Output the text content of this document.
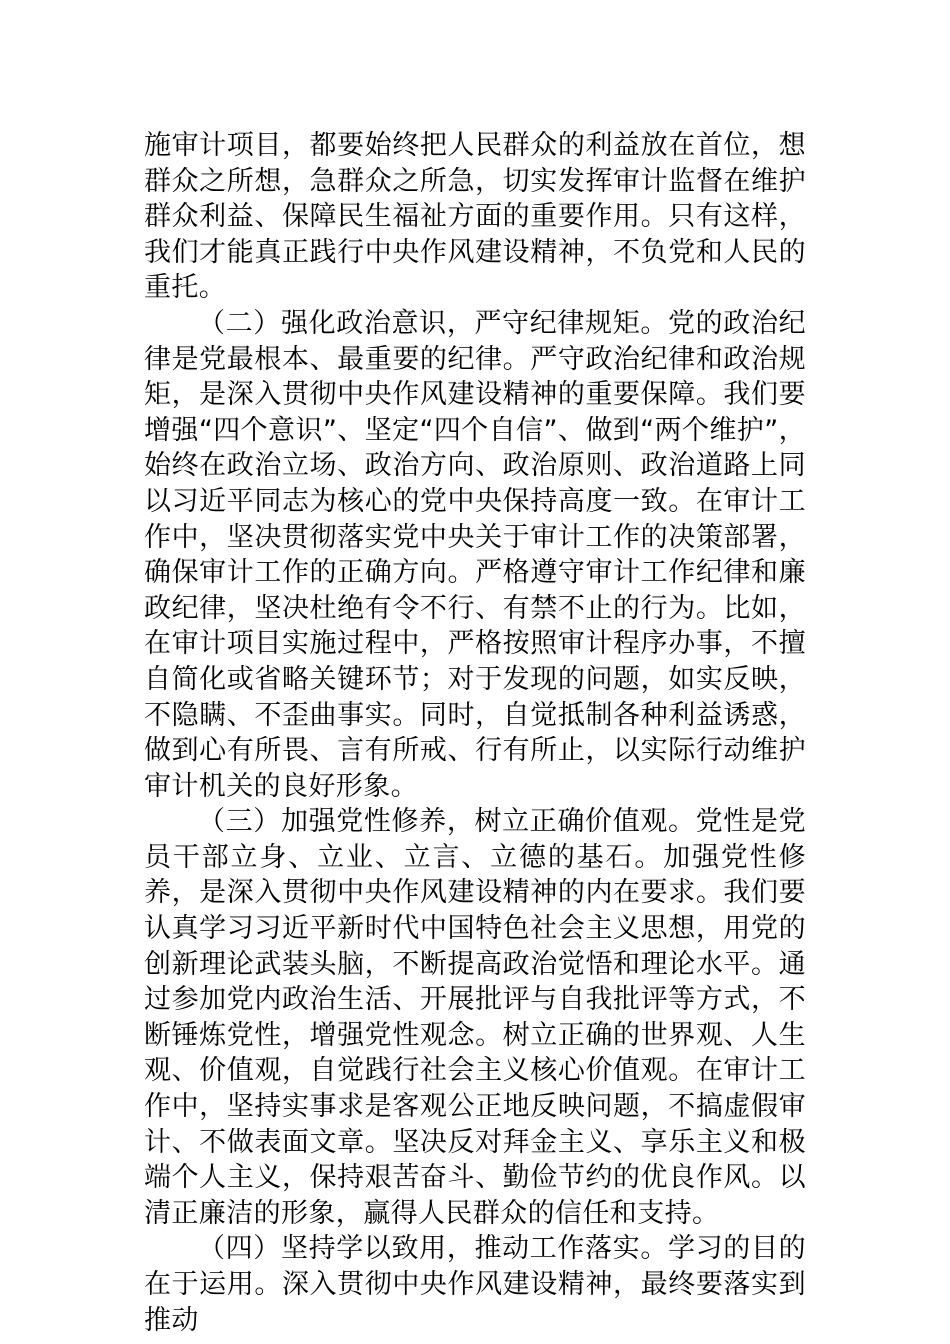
施审计项目，都要始终把人民群众的利益放在首位，想群众之所想，急群众之所急，切实发挥审计监督在维护群众利益、保障民生福祉方面的重要作用。只有这样，我们才能真正践行中央作风建设精神，不负党和人民的重托。

（二）强化政治意识，严守纪律规矩。党的政治纪律是党最根本、最重要的纪律。严守政治纪律和政治规矩，是深入贯彻中央作风建设精神的重要保障。我们要增强“四个意识”、坚定“四个自信”、做到“两个维护”，始终在政治立场、政治方向、政治原则、政治道路上同以习近平同志为核心的党中央保持高度一致。在审计工作中，坚决贯彻落实党中央关于审计工作的决策部署，确保审计工作的正确方向。严格遵守审计工作纪律和廉政纪律，坚决杜绝有令不行、有禁不止的行为。比如，在审计项目实施过程中，严格按照审计程序办事，不擅自简化或省略关键环节；对于发现的问题，如实反映，不隐瞒、不歪曲事实。同时，自觉抵制各种利益诱惑，做到心有所畏、言有所戒、行有所止，以实际行动维护审计机关的良好形象。

（三）加强党性修养，树立正确价值观。党性是党员干部立身、立业、立言、立德的基石。加强党性修养，是深入贯彻中央作风建设精神的内在要求。我们要认真学习习近平新时代中国特色社会主义思想，用党的创新理论武装头脑，不断提高政治觉悟和理论水平。通过参加党内政治生活、开展批评与自我批评等方式，不断锤炼党性，增强党性观念。树立正确的世界观、人生观、价值观，自觉践行社会主义核心价值观。在审计工作中，坚持实事求是客观公正地反映问题，不搞虚假审计、不做表面文章。坚决反对拜金主义、享乐主义和极端个人主义，保持艰苦奋斗、勤俭节约的优良作风。以清正廉洁的形象，赢得人民群众的信任和支持。

（四）坚持学以致用，推动工作落实。学习的目的在于运用。深入贯彻中央作风建设精神，最终要落实到推动
